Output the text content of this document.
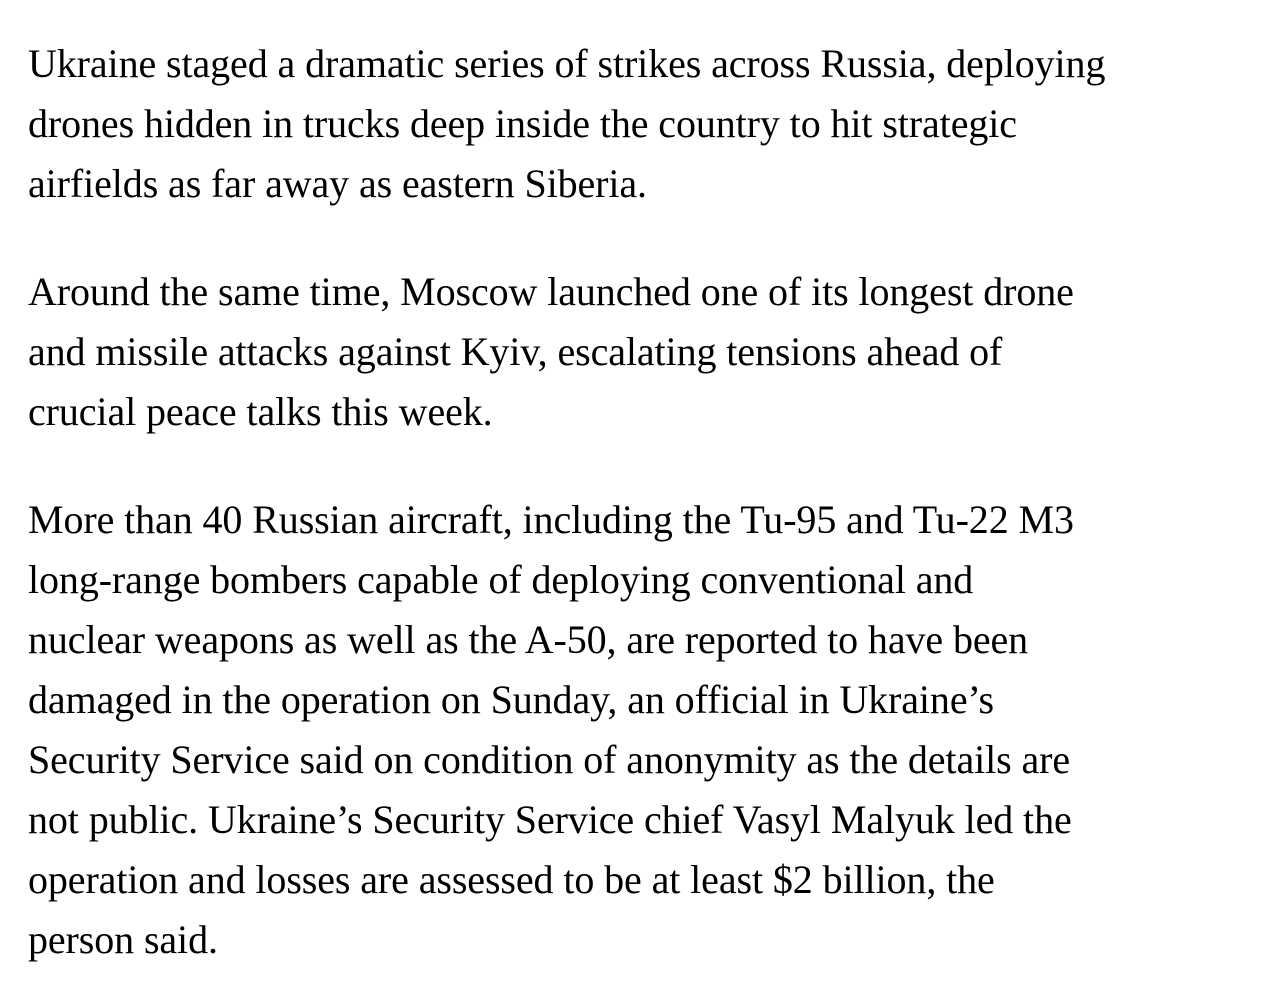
Ukraine staged a dramatic series of strikes across Russia, deploying
drones hidden in trucks deep inside the country to hit strategic
airfields as far away as eastern Siberia.

Around the same time, Moscow launched one of its longest drone
and missile attacks against Kyiv, escalating tensions ahead of
crucial peace talks this week.

More than 40 Russian aircraft, including the Tu-95 and Tu-22 M3
long-range bombers capable of deploying conventional and
nuclear weapons as well as the A-50, are reported to have been
damaged in the operation on Sunday, an official in Ukraine’s
Security Service said on condition of anonymity as the details are
not public. Ukraine’s Security Service chief Vasyl Malyuk led the
operation and losses are assessed to be at least $2 billion, the
person said.
